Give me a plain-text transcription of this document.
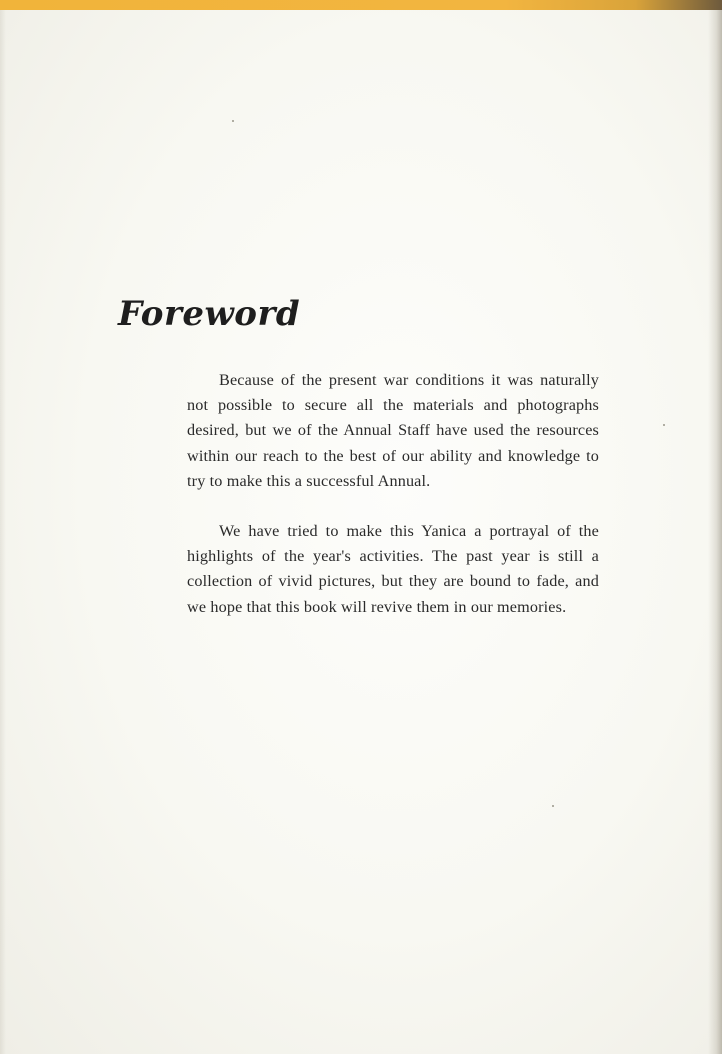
Foreword

Because of the present war conditions it was naturally not possible to secure all the materials and photographs desired, but we of the Annual Staff have used the resources within our reach to the best of our ability and knowledge to try to make this a successful Annual.

We have tried to make this Yanica a portrayal of the highlights of the year's activities. The past year is still a collection of vivid pictures, but they are bound to fade, and we hope that this book will revive them in our memories.
